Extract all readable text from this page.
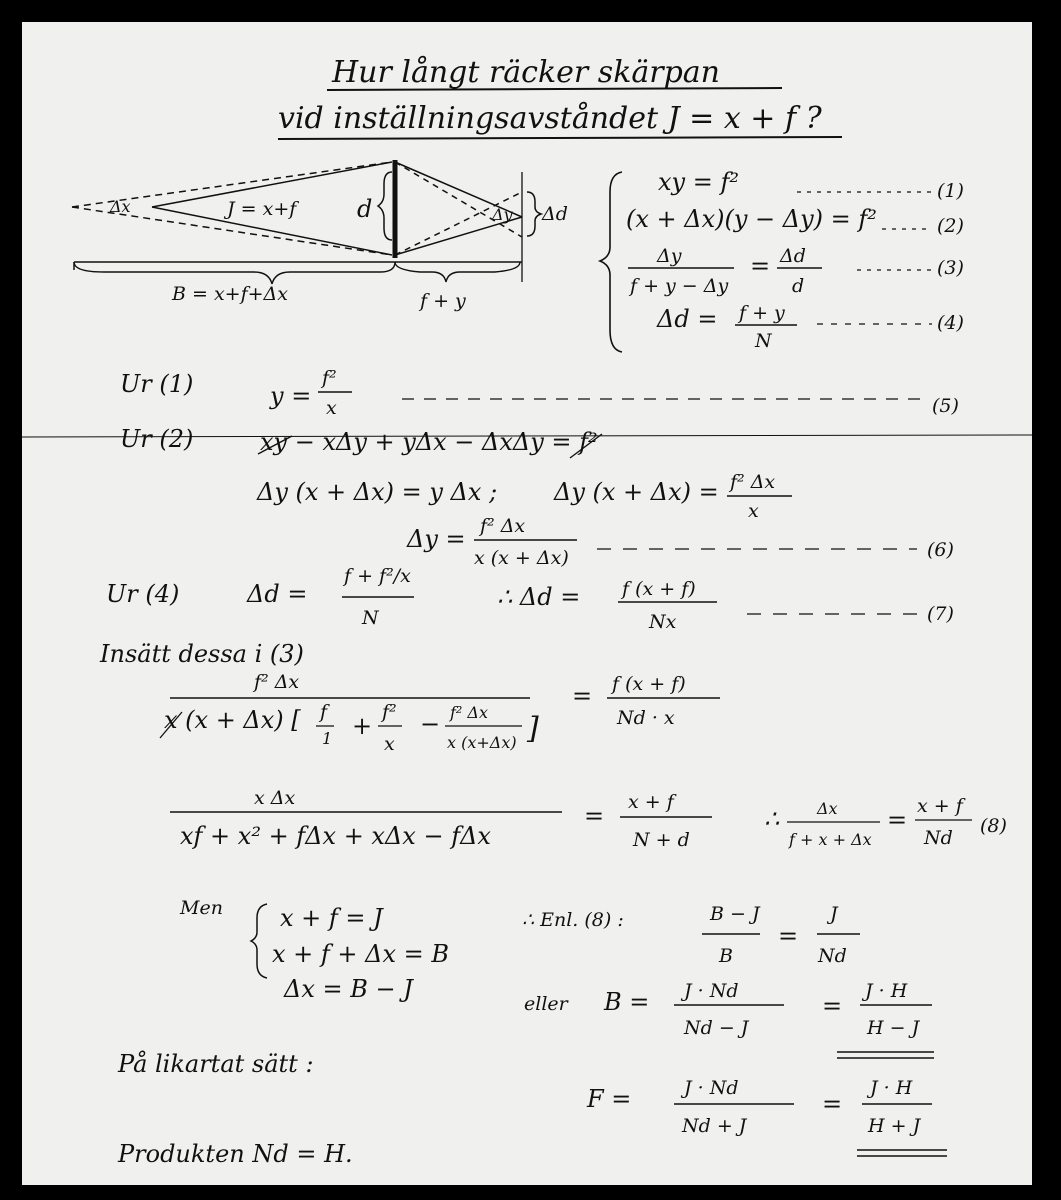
Hur långt räcker skärpan
vid inställningsavståndet J = x + f ?
Δx	J = x+f	d	Δy Δd
B = x+f+Δx	f + y
xy = f²	(1)
(x + Δx)(y − Δy) = f²	(2)
Δy
f + y − Δy
= Δd
d
(3)
Δd = f + y
N
(4)
Ur (1)	y =
f²
x	(5)
Ur (2)	xy − xΔy + yΔx − ΔxΔy = f²
Δy (x + Δx) = y Δx ; Δy (x + Δx) = f² Δx
x
Δy = f² Δx
x (x + Δx)	(6)
Ur (4)	Δd =
f + f²/x
N
∴ Δd = f (x + f)
Nx	(7)
Insätt dessa i (3)
f² Δx
x (x + Δx) [ f
1 + f²
x
− f² Δx
x (x+Δx) ]
= f (x + f)
Nd · x
x Δx
xf + x² + fΔx + xΔx − fΔx
= x + f
N + d
∴ Δx
f + x + Δx
= x + f
Nd
(8)
Men x + f = J
x + f + Δx = B
Δx = B − J
∴ Enl. (8) :	B − J
B
=
J
Nd
eller B = J · Nd
Nd − J
=
J · H
H − J
På likartat sätt :
F =	J · Nd
Nd + J
=
J · H
H + J
Produkten Nd = H.
